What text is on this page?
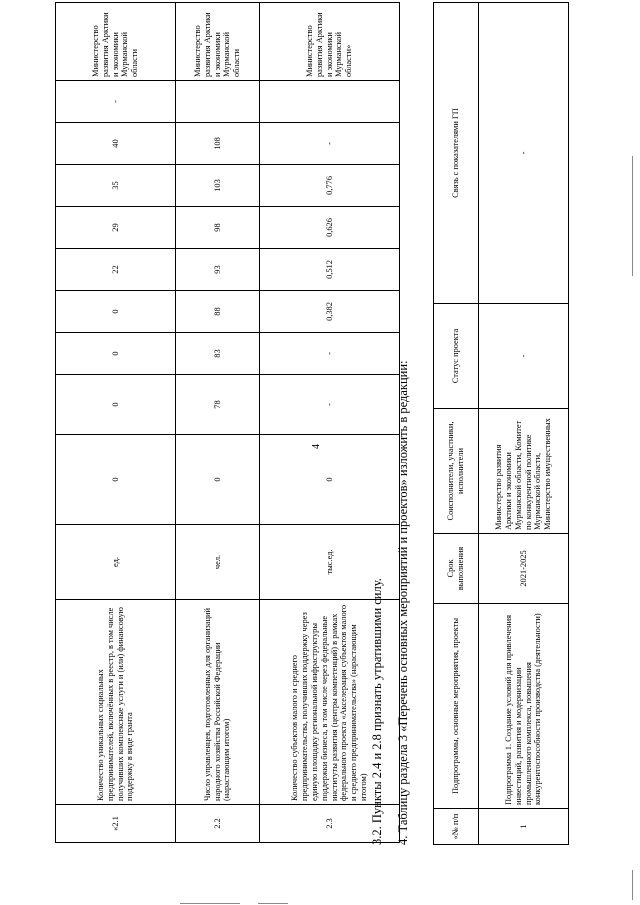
4
«2.1	Количество уникальных социальных предпринимателей, включённых в реестр, в том числе получивших комплексные услуги и (или) финансовую поддержку в виде гранта	ед.	0	0	0	0	22	29	35	40	-	Министерство развития Арктики и экономики Мурманской области
2.2	Число управленцев, подготовленных для организаций народного хозяйства Российской Федерации (нарастающим итогом)	чел.	0	78	83	88	93	98	103	108		Министерство развития Арктики и экономики Мурманской области
2.3	Количество субъектов малого и среднего предпринимательства, получивших поддержку через единую площадку региональной инфраструктуры поддержки бизнеса, в том числе через федеральные институты развития (центры компетенций) в рамках федерального проекта «Акселерация субъектов малого и среднего предпринимательства» (нарастающим итогом)	тыс.ед.	0	-	-	0,382	0,512	0,626	0,776	-		Министерство развития Арктики и экономики Мурманской области»
3.2. Пункты 2.4 и 2.8 признать утратившими силу. 4. Таблицу раздела 3 «Перечень основных мероприятий и проектов» изложить в редакции:	«№ п/п	Подпрограммы, основные мероприятия, проекты	Срок выполнения	Соисполнители, участники, исполнители	Статус проекта	Связь с показателями ГП
1	Подпрограмма 1. Создание условий для привлечения инвестиций, развития и модернизации промышленного комплекса, повышения конкурентоспособности производства (деятельности)	2021-2025	Министерство развития Арктики и экономики Мурманской области, Комитет по конкурентной политике Мурманской области, Министерство имущественных	-	-
